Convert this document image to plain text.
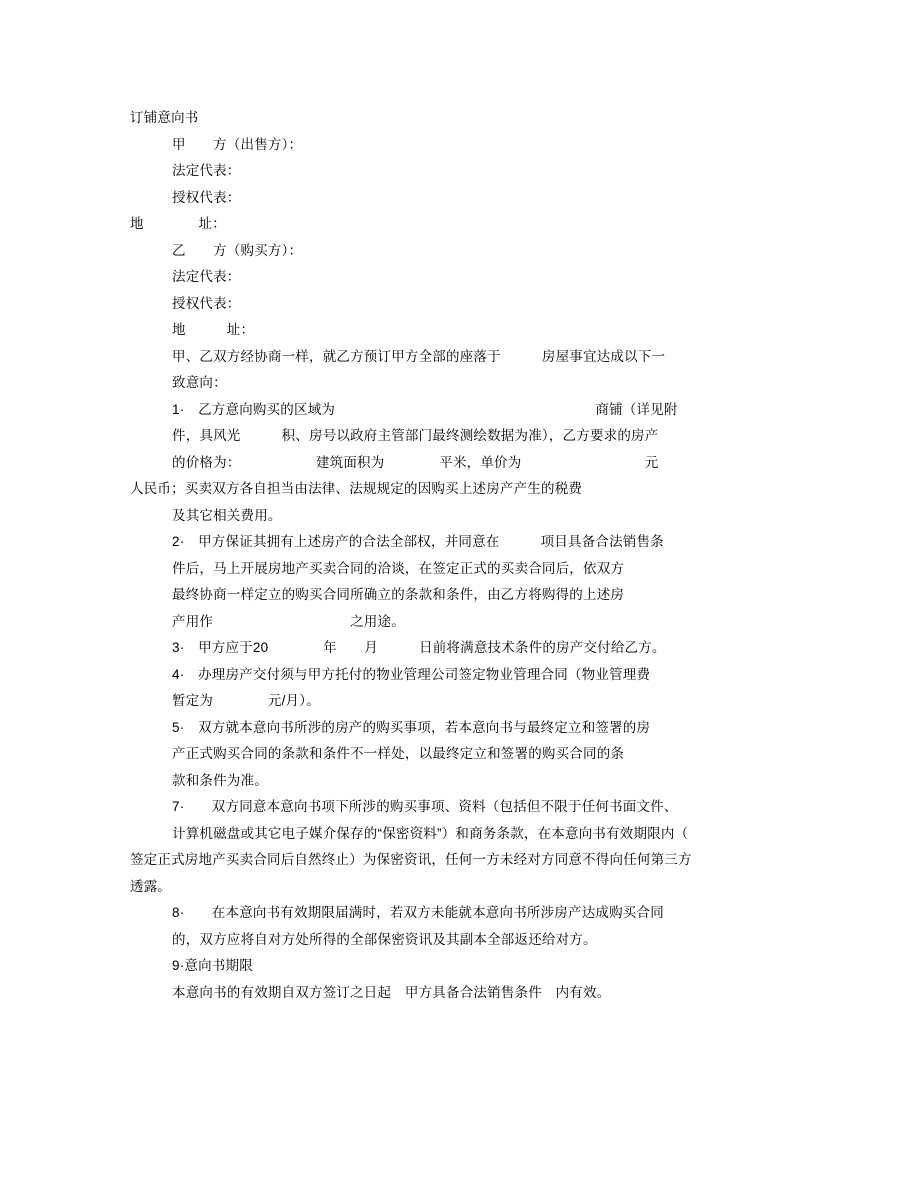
订铺意向书

甲　　方（出售方）：

法定代表：

授权代表：

地　　　　址：

乙　　方（购买方）：

法定代表：

授权代表：

地　　　址：

甲、乙双方经协商一样，就乙方预订甲方全部的座落于　　　房屋事宜达成以下一

致意向：

1·　乙方意向购买的区域为　　　　　　　　　　　　　　　　　　　商铺（详见附

件，具风光　　　积、房号以政府主管部门最终测绘数据为准），乙方要求的房产

的价格为：　　　　　　建筑面积为　　　　平米，单价为　　　　　　　　　元

人民币；买卖双方各自担当由法律、法规规定的因购买上述房产产生的税费

及其它相关费用。

2·　甲方保证其拥有上述房产的合法全部权，并同意在　　　项目具备合法销售条

件后，马上开展房地产买卖合同的洽谈，在签定正式的买卖合同后，依双方

最终协商一样定立的购买合同所确立的条款和条件，由乙方将购得的上述房

产用作　　　　　　　　　　之用途。

3·　甲方应于20　　　　年　　月　　　日前将满意技术条件的房产交付给乙方。

4·　办理房产交付须与甲方托付的物业管理公司签定物业管理合同（物业管理费

暂定为　　　　元/月）。

5·　双方就本意向书所涉的房产的购买事项，若本意向书与最终定立和签署的房

产正式购买合同的条款和条件不一样处，以最终定立和签署的购买合同的条

款和条件为准。

7·　　双方同意本意向书项下所涉的购买事项、资料（包括但不限于任何书面文件、

计算机磁盘或其它电子媒介保存的“保密资料”）和商务条款，在本意向书有效期限内（

签定正式房地产买卖合同后自然终止）为保密资讯，任何一方未经对方同意不得向任何第三方

透露。

8·　　在本意向书有效期限届满时，若双方未能就本意向书所涉房产达成购买合同

的，双方应将自对方处所得的全部保密资讯及其副本全部返还给对方。

9·意向书期限

本意向书的有效期自双方签订之日起　甲方具备合法销售条件　内有效。
